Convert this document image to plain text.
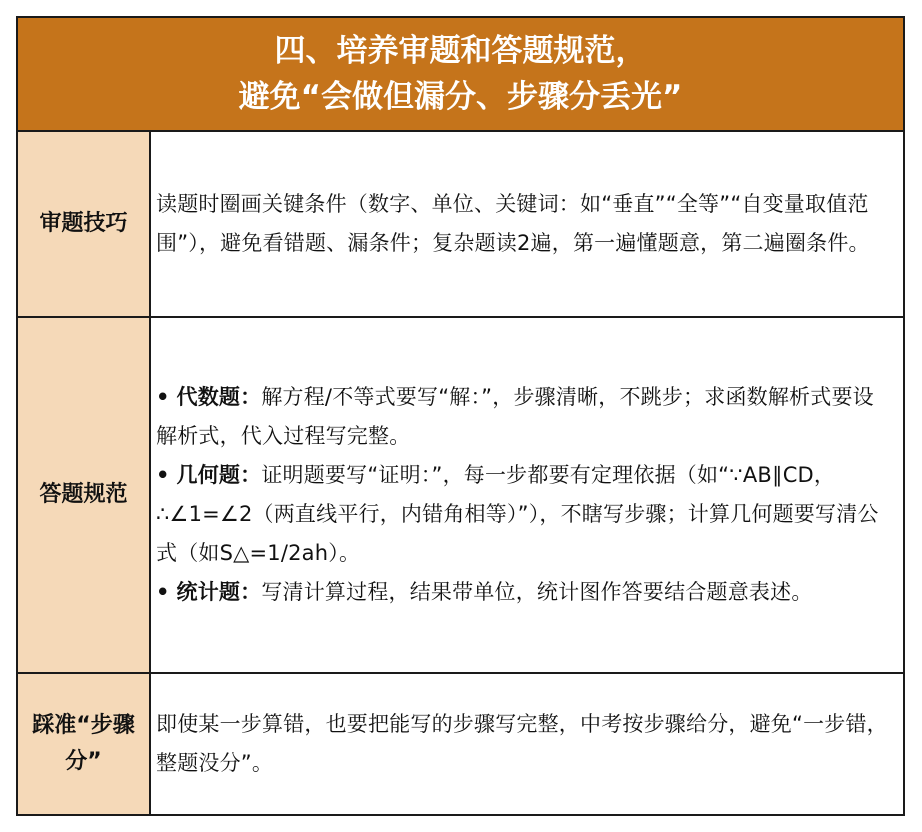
四、培养审题和答题规范，
避免“会做但漏分、步骤分丢光”
审题技巧

读题时圈画关键条件（数字、单位、关键词：如“垂直”“全等”“自变量取值范围”），避免看错题、漏条件；复杂题读2遍，第一遍懂题意，第二遍圈条件。

答题规范

• 代数题：解方程/不等式要写“解：”，步骤清晰，不跳步；求函数解析式要设解析式，代入过程写完整。

• 几何题：证明题要写“证明：”，每一步都要有定理依据（如“∵AB∥CD，∴∠1=∠2（两直线平行，内错角相等）”），不瞎写步骤；计算几何题要写清公式（如S△=1/2ah）。

• 统计题：写清计算过程，结果带单位，统计图作答要结合题意表述。

踩准“步骤分”

即使某一步算错，也要把能写的步骤写完整，中考按步骤给分，避免“一步错，整题没分”。
